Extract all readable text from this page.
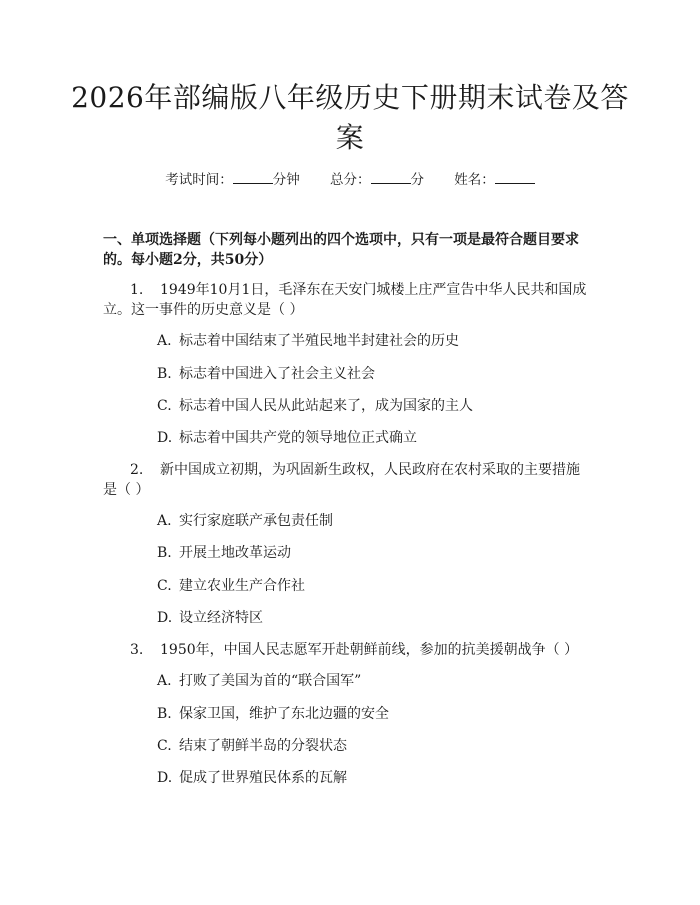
2026年部编版八年级历史下册期末试卷及答案
考试时间：	分钟 总分：	分 姓名：
一、单项选择题（下列每小题列出的四个选项中，只有一项是最符合题目要求的。每小题2分，共50分）
1. 1949年10月1日，毛泽东在天安门城楼上庄严宣告中华人民共和国成立。这一事件的历史意义是（ ）
A. 标志着中国结束了半殖民地半封建社会的历史
B. 标志着中国进入了社会主义社会
C. 标志着中国人民从此站起来了，成为国家的主人
D. 标志着中国共产党的领导地位正式确立
2. 新中国成立初期，为巩固新生政权，人民政府在农村采取的主要措施是（ ）
A. 实行家庭联产承包责任制
B. 开展土地改革运动
C. 建立农业生产合作社
D. 设立经济特区
3. 1950年，中国人民志愿军开赴朝鲜前线，参加的抗美援朝战争（ ）
A. 打败了美国为首的“联合国军”
B. 保家卫国，维护了东北边疆的安全
C. 结束了朝鲜半岛的分裂状态
D. 促成了世界殖民体系的瓦解
